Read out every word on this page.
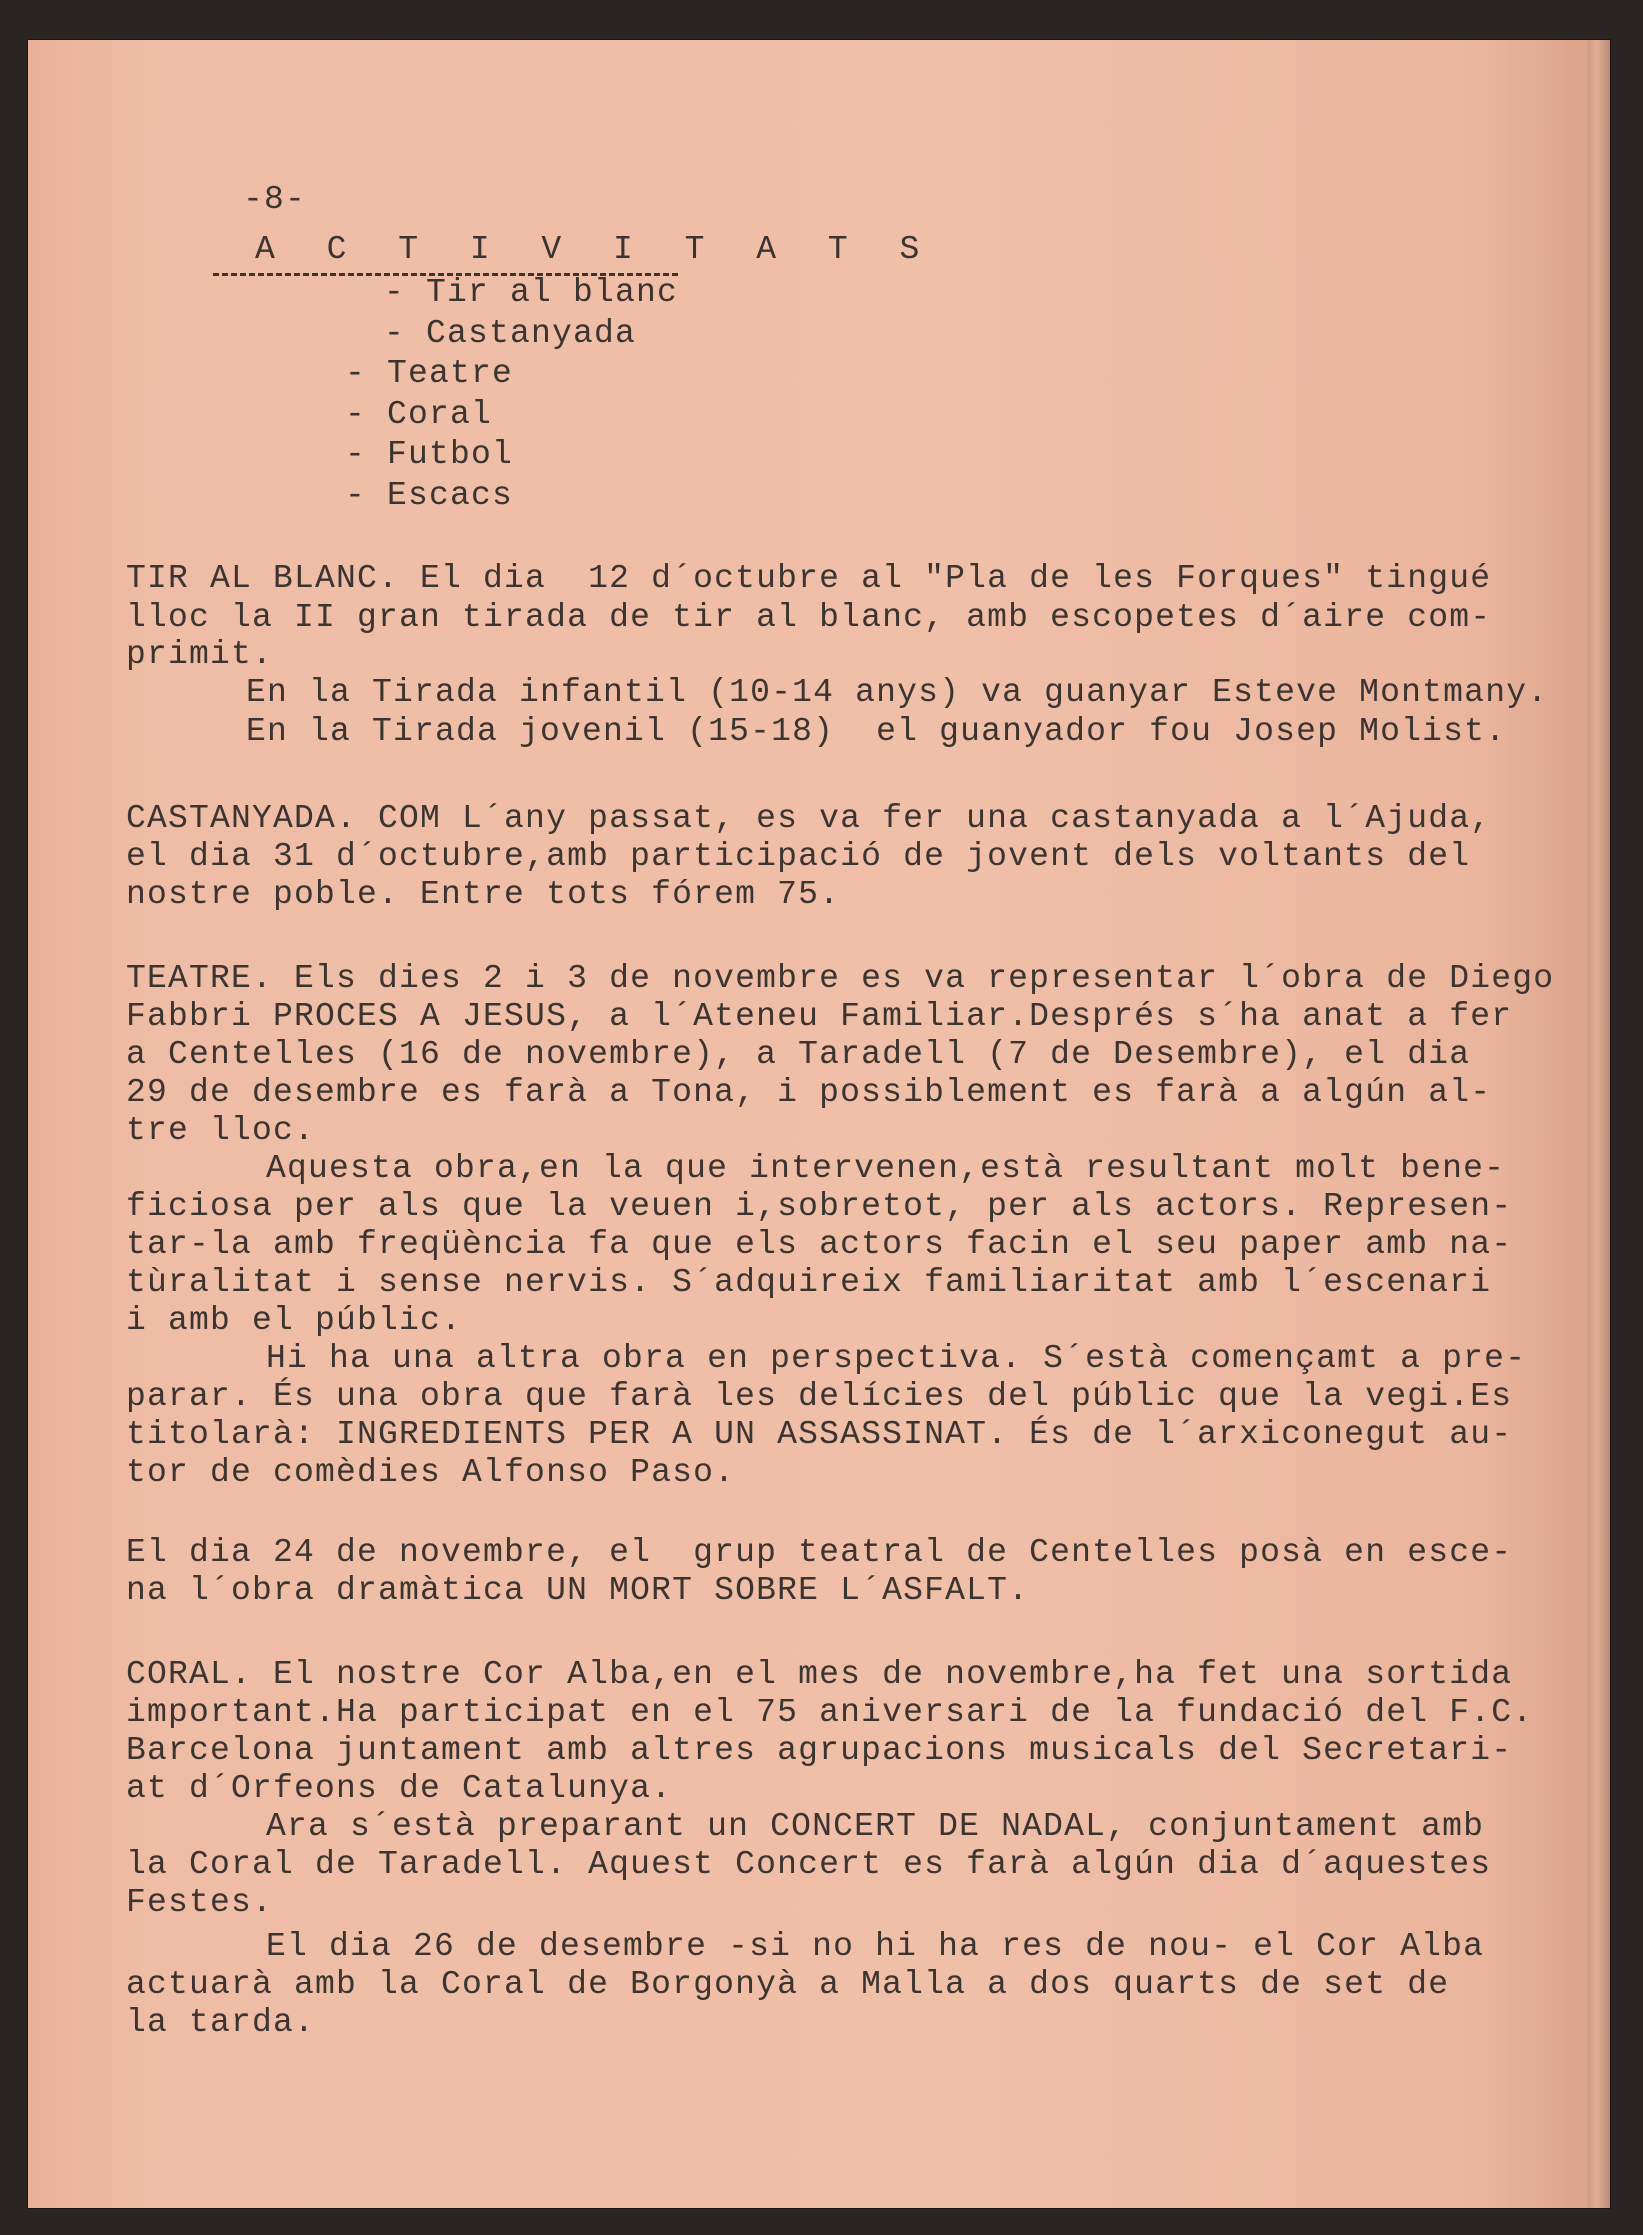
-8-
A C T I V I T A T S
- Tir al blanc
- Castanyada
- Teatre
- Coral
- Futbol
- Escacs
TIR AL BLANC. El dia  12 d´octubre al "Pla de les Forques" tingué
lloc la II gran tirada de tir al blanc, amb escopetes d´aire com-
primit.
En la Tirada infantil (10-14 anys) va guanyar Esteve Montmany.
En la Tirada jovenil (15-18)  el guanyador fou Josep Molist.
CASTANYADA. COM L´any passat, es va fer una castanyada a l´Ajuda,
el dia 31 d´octubre,amb participació de jovent dels voltants del
nostre poble. Entre tots fórem 75.
TEATRE. Els dies 2 i 3 de novembre es va representar l´obra de Diego
Fabbri PROCES A JESUS, a l´Ateneu Familiar.Després s´ha anat a fer
a Centelles (16 de novembre), a Taradell (7 de Desembre), el dia
29 de desembre es farà a Tona, i possiblement es farà a algún al-
tre lloc.
Aquesta obra,en la que intervenen,està resultant molt bene-
ficiosa per als que la veuen i,sobretot, per als actors. Represen-
tar-la amb freqüència fa que els actors facin el seu paper amb na-
tùralitat i sense nervis. S´adquireix familiaritat amb l´escenari
i amb el públic.
Hi ha una altra obra en perspectiva. S´està començamt a pre-
parar. És una obra que farà les delícies del públic que la vegi.Es
titolarà: INGREDIENTS PER A UN ASSASSINAT. És de l´arxiconegut au-
tor de comèdies Alfonso Paso.
El dia 24 de novembre, el  grup teatral de Centelles posà en esce-
na l´obra dramàtica UN MORT SOBRE L´ASFALT.
CORAL. El nostre Cor Alba,en el mes de novembre,ha fet una sortida
important.Ha participat en el 75 aniversari de la fundació del F.C.
Barcelona juntament amb altres agrupacions musicals del Secretari-
at d´Orfeons de Catalunya.
Ara s´està preparant un CONCERT DE NADAL, conjuntament amb
la Coral de Taradell. Aquest Concert es farà algún dia d´aquestes
Festes.
El dia 26 de desembre -si no hi ha res de nou- el Cor Alba
actuarà amb la Coral de Borgonyà a Malla a dos quarts de set de
la tarda.
